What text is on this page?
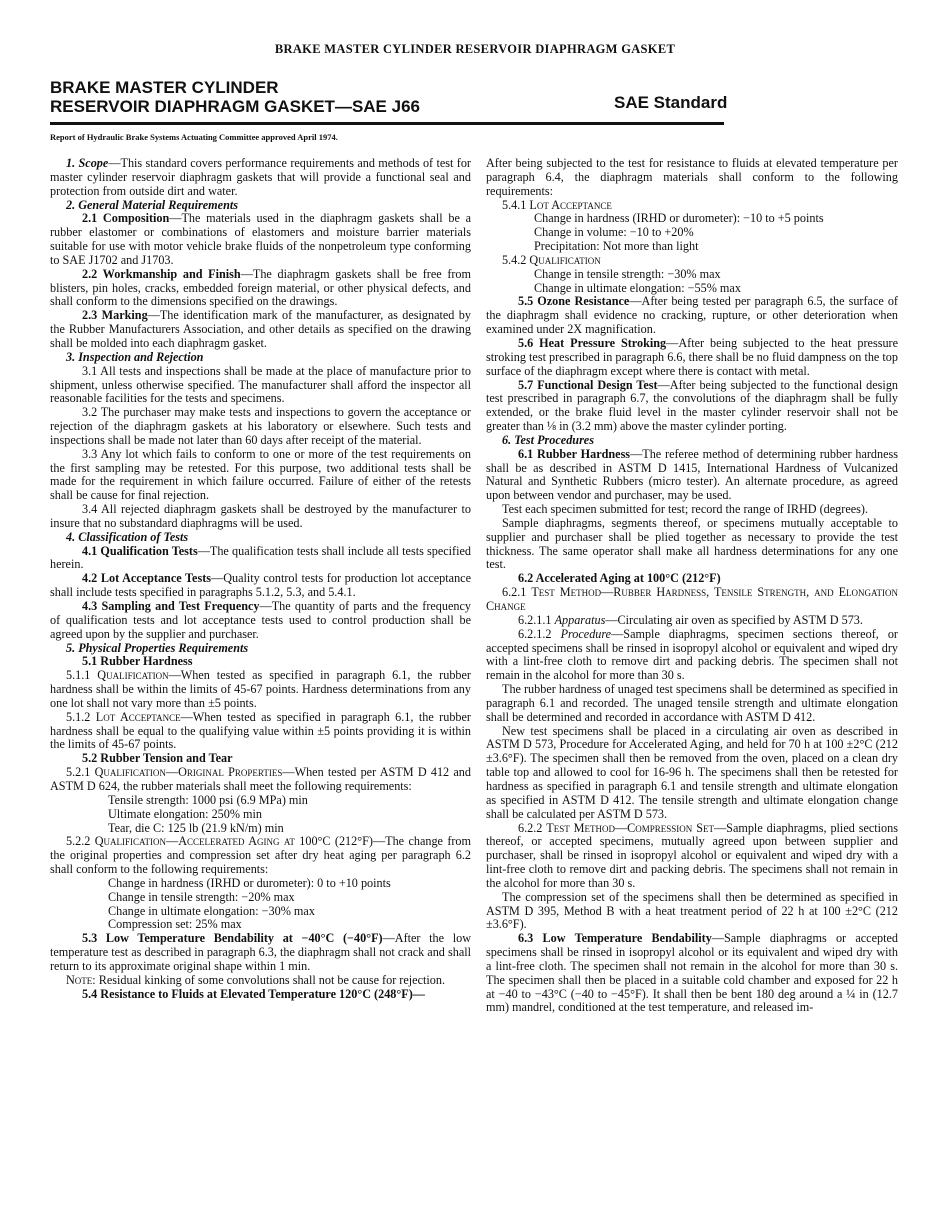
BRAKE MASTER CYLINDER RESERVOIR DIAPHRAGM GASKET
BRAKE MASTER CYLINDER
RESERVOIR DIAPHRAGM GASKET—SAE J66	SAE Standard
Report of Hydraulic Brake Systems Actuating Committee approved April 1974.

1. Scope—This standard covers performance requirements and methods of test for master cylinder reservoir diaphragm gaskets that will provide a functional seal and protection from outside dirt and water.

2. General Material Requirements

2.1 Composition—The materials used in the diaphragm gaskets shall be a rubber elastomer or combinations of elastomers and moisture barrier materials suitable for use with motor vehicle brake fluids of the nonpetroleum type conforming to SAE J1702 and J1703.

2.2 Workmanship and Finish—The diaphragm gaskets shall be free from blisters, pin holes, cracks, embedded foreign material, or other physical defects, and shall conform to the dimensions specified on the drawings.

2.3 Marking—The identification mark of the manufacturer, as designated by the Rubber Manufacturers Association, and other details as specified on the drawing shall be molded into each diaphragm gasket.

3. Inspection and Rejection

3.1 All tests and inspections shall be made at the place of manufacture prior to shipment, unless otherwise specified. The manufacturer shall afford the inspector all reasonable facilities for the tests and specimens.

3.2 The purchaser may make tests and inspections to govern the acceptance or rejection of the diaphragm gaskets at his laboratory or elsewhere. Such tests and inspections shall be made not later than 60 days after receipt of the material.

3.3 Any lot which fails to conform to one or more of the test requirements on the first sampling may be retested. For this purpose, two additional tests shall be made for the requirement in which failure occurred. Failure of either of the retests shall be cause for final rejection.

3.4 All rejected diaphragm gaskets shall be destroyed by the manufacturer to insure that no substandard diaphragms will be used.

4. Classification of Tests

4.1 Qualification Tests—The qualification tests shall include all tests specified herein.

4.2 Lot Acceptance Tests—Quality control tests for production lot acceptance shall include tests specified in paragraphs 5.1.2, 5.3, and 5.4.1.

4.3 Sampling and Test Frequency—The quantity of parts and the frequency of qualification tests and lot acceptance tests used to control production shall be agreed upon by the supplier and purchaser.

5. Physical Properties Requirements

5.1 Rubber Hardness

5.1.1 Qualification—When tested as specified in paragraph 6.1, the rubber hardness shall be within the limits of 45-67 points. Hardness determinations from any one lot shall not vary more than ±5 points.

5.1.2 Lot Acceptance—When tested as specified in paragraph 6.1, the rubber hardness shall be equal to the qualifying value within ±5 points providing it is within the limits of 45-67 points.

5.2 Rubber Tension and Tear

5.2.1 Qualification—Original Properties—When tested per ASTM D 412 and ASTM D 624, the rubber materials shall meet the following requirements:

Tensile strength: 1000 psi (6.9 MPa) min

Ultimate elongation: 250% min

Tear, die C: 125 lb (21.9 kN/m) min

5.2.2 Qualification—Accelerated Aging at 100°C (212°F)—The change from the original properties and compression set after dry heat aging per paragraph 6.2 shall conform to the following requirements:

Change in hardness (IRHD or durometer): 0 to +10 points

Change in tensile strength: −20% max

Change in ultimate elongation: −30% max

Compression set: 25% max

5.3 Low Temperature Bendability at −40°C (−40°F)—After the low temperature test as described in paragraph 6.3, the diaphragm shall not crack and shall return to its approximate original shape within 1 min.

Note: Residual kinking of some convolutions shall not be cause for rejection.

5.4 Resistance to Fluids at Elevated Temperature 120°C (248°F)—

After being subjected to the test for resistance to fluids at elevated temperature per paragraph 6.4, the diaphragm materials shall conform to the following requirements:

5.4.1 Lot Acceptance

Change in hardness (IRHD or durometer): −10 to +5 points

Change in volume: −10 to +20%

Precipitation: Not more than light

5.4.2 Qualification

Change in tensile strength: −30% max

Change in ultimate elongation: −55% max

5.5 Ozone Resistance—After being tested per paragraph 6.5, the surface of the diaphragm shall evidence no cracking, rupture, or other deterioration when examined under 2X magnification.

5.6 Heat Pressure Stroking—After being subjected to the heat pressure stroking test prescribed in paragraph 6.6, there shall be no fluid dampness on the top surface of the diaphragm except where there is contact with metal.

5.7 Functional Design Test—After being subjected to the functional design test prescribed in paragraph 6.7, the convolutions of the diaphragm shall be fully extended, or the brake fluid level in the master cylinder reservoir shall not be greater than ⅛ in (3.2 mm) above the master cylinder porting.

6. Test Procedures

6.1 Rubber Hardness—The referee method of determining rubber hardness shall be as described in ASTM D 1415, International Hardness of Vulcanized Natural and Synthetic Rubbers (micro tester). An alternate procedure, as agreed upon between vendor and purchaser, may be used.

Test each specimen submitted for test; record the range of IRHD (degrees).

Sample diaphragms, segments thereof, or specimens mutually acceptable to supplier and purchaser shall be plied together as necessary to provide the test thickness. The same operator shall make all hardness determinations for any one test.

6.2 Accelerated Aging at 100°C (212°F)

6.2.1 Test Method—Rubber Hardness, Tensile Strength, and Elongation Change

6.2.1.1 Apparatus—Circulating air oven as specified by ASTM D 573.

6.2.1.2 Procedure—Sample diaphragms, specimen sections thereof, or accepted specimens shall be rinsed in isopropyl alcohol or equivalent and wiped dry with a lint-free cloth to remove dirt and packing debris. The specimen shall not remain in the alcohol for more than 30 s.

The rubber hardness of unaged test specimens shall be determined as specified in paragraph 6.1 and recorded. The unaged tensile strength and ultimate elongation shall be determined and recorded in accordance with ASTM D 412.

New test specimens shall be placed in a circulating air oven as described in ASTM D 573, Procedure for Accelerated Aging, and held for 70 h at 100 ±2°C (212 ±3.6°F). The specimen shall then be removed from the oven, placed on a clean dry table top and allowed to cool for 16-96 h. The specimens shall then be retested for hardness as specified in paragraph 6.1 and tensile strength and ultimate elongation as specified in ASTM D 412. The tensile strength and ultimate elongation change shall be calculated per ASTM D 573.

6.2.2 Test Method—Compression Set—Sample diaphragms, plied sections thereof, or accepted specimens, mutually agreed upon between supplier and purchaser, shall be rinsed in isopropyl alcohol or equivalent and wiped dry with a lint-free cloth to remove dirt and packing debris. The specimens shall not remain in the alcohol for more than 30 s.

The compression set of the specimens shall then be determined as specified in ASTM D 395, Method B with a heat treatment period of 22 h at 100 ±2°C (212 ±3.6°F).

6.3 Low Temperature Bendability—Sample diaphragms or accepted specimens shall be rinsed in isopropyl alcohol or its equivalent and wiped dry with a lint-free cloth. The specimen shall not remain in the alcohol for more than 30 s. The specimen shall then be placed in a suitable cold chamber and exposed for 22 h at −40 to −43°C (−40 to −45°F). It shall then be bent 180 deg around a ¼ in (12.7 mm) mandrel, conditioned at the test temperature, and released im-
